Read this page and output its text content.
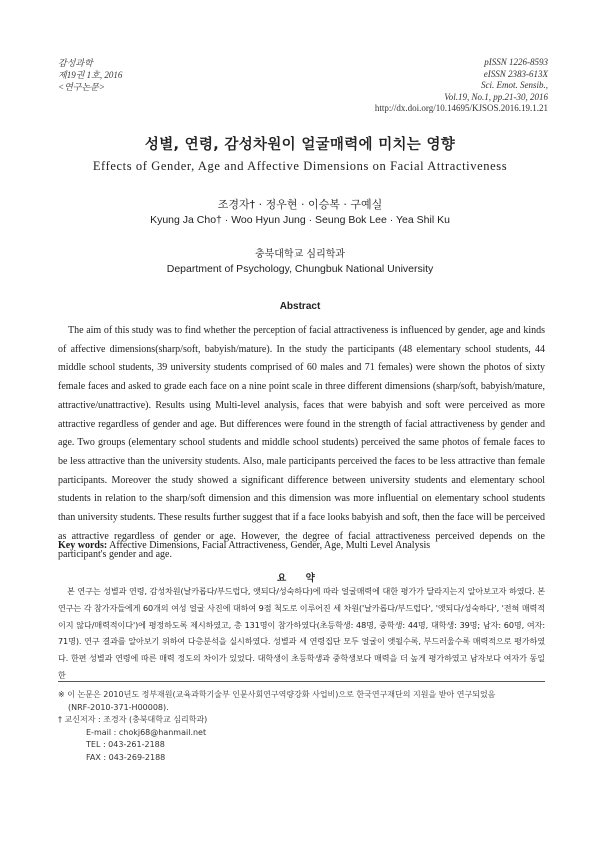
감성과학
제19권 1호, 2016
<연구논문>
pISSN 1226-8593
eISSN 2383-613X
Sci. Emot. Sensib.,
Vol.19, No.1, pp.21-30, 2016
http://dx.doi.org/10.14695/KJSOS.2016.19.1.21
성별, 연령, 감성차원이 얼굴매력에 미치는 영향
Effects of Gender, Age and Affective Dimensions on Facial Attractiveness
조경자† · 정우현 · 이승복 · 구예실
Kyung Ja Cho† · Woo Hyun Jung · Seung Bok Lee · Yea Shil Ku
충북대학교 심리학과
Department of Psychology, Chungbuk National University
Abstract

The aim of this study was to find whether the perception of facial attractiveness is influenced by gender, age and kinds of affective dimensions(sharp/soft, babyish/mature). In the study the participants (48 elementary school students, 44 middle school students, 39 university students comprised of 60 males and 71 females) were shown the photos of sixty female faces and asked to grade each face on a nine point scale in three different dimensions (sharp/soft, babyish/mature, attractive/unattractive). Results using Multi-level analysis, faces that were babyish and soft were perceived as more attractive regardless of gender and age. But differences were found in the strength of facial attractiveness by gender and age. Two groups (elementary school students and middle school students) perceived the same photos of female faces to be less attractive than the university students. Also, male participants perceived the faces to be less attractive than female participants. Moreover the study showed a significant difference between university students and elementary school students in relation to the sharp/soft dimension and this dimension was more influential on elementary school students than university students. These results further suggest that if a face looks babyish and soft, then the face will be perceived as attractive regardless of gender or age. However, the degree of facial attractiveness perceived depends on the participant's gender and age.

Key words: Affective Dimensions, Facial Attractiveness, Gender, Age, Multi Level Analysis

요 약

본 연구는 성별과 연령, 감성차원(날카롭다/부드럽다, 앳되다/성숙하다)에 따라 얼굴매력에 대한 평가가 달라지는지 알아보고자 하였다. 본 연구는 각 참가자들에게 60개의 여성 얼굴 사진에 대하여 9점 척도로 이루어진 세 차원('날카롭다/부드럽다', '앳되다/성숙하다', '전혀 매력적이지 않다/매력적이다')에 평정하도록 제시하였고, 총 131명이 참가하였다(초등학생: 48명, 중학생: 44명, 대학생: 39명; 남자: 60명, 여자: 71명). 연구 결과를 알아보기 위하여 다층분석을 실시하였다. 성별과 세 연령집단 모두 얼굴이 앳될수록, 부드러울수록 매력적으로 평가하였다. 한편 성별과 연령에 따른 매력 정도의 차이가 있었다. 대학생이 초등학생과 중학생보다 매력을 더 높게 평가하였고 남자보다 여자가 동일한

※ 이 논문은 2010년도 정부재원(교육과학기술부 인문사회연구역량강화 사업비)으로 한국연구재단의 지원을 받아 연구되었음
(NRF-2010-371-H00008).
† 교신저자 : 조경자 (충북대학교 심리학과)
E-mail : chokj68@hanmail.net
TEL : 043-261-2188
FAX : 043-269-2188
